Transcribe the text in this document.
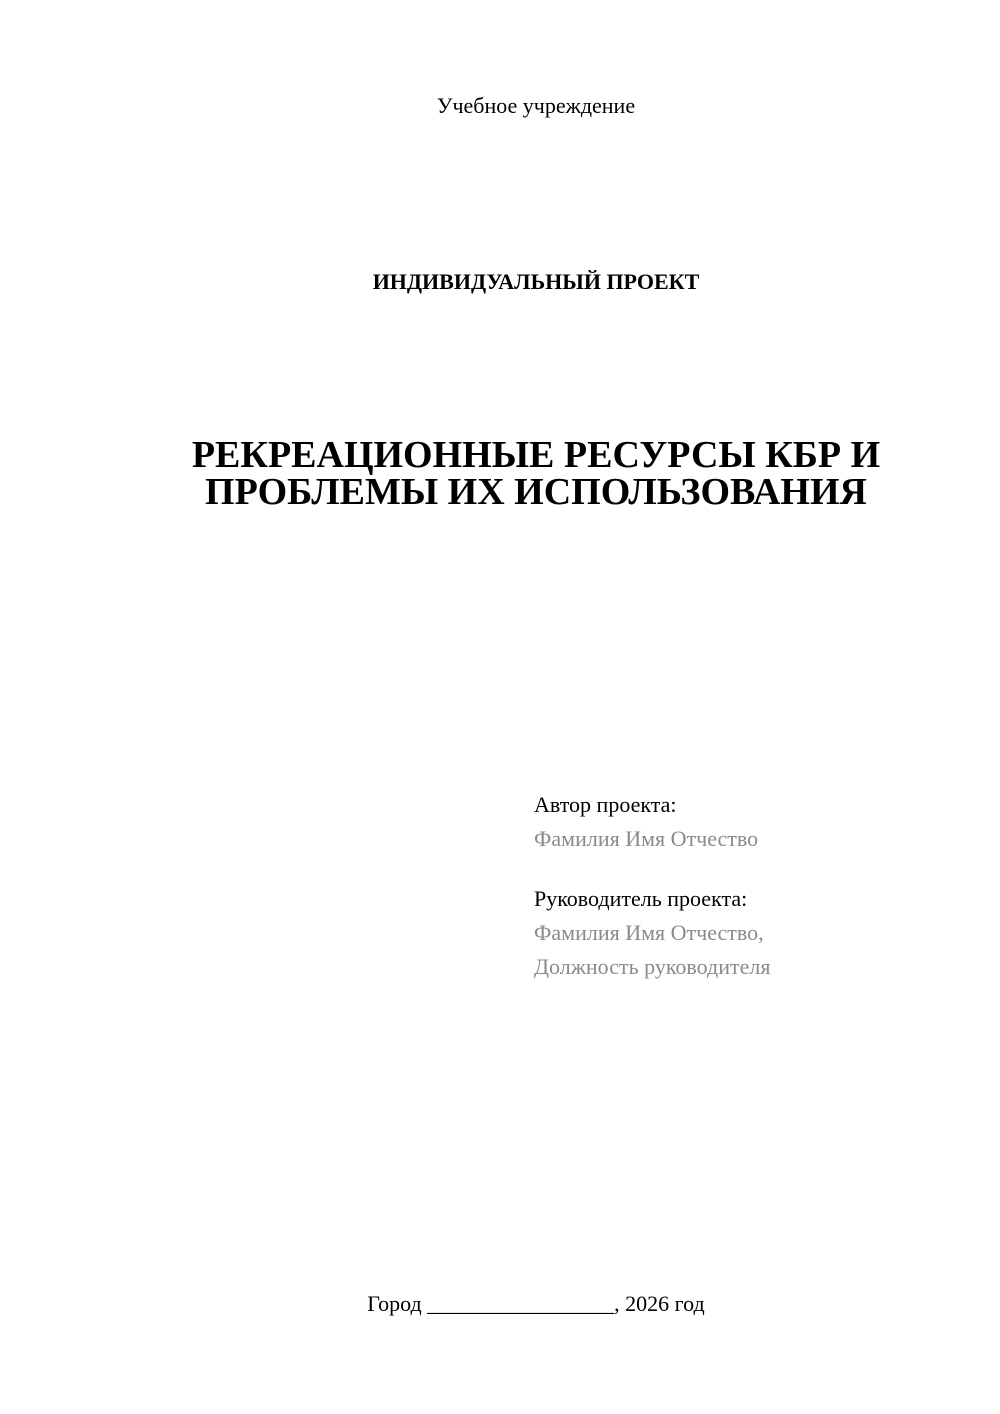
Учебное учреждение
ИНДИВИДУАЛЬНЫЙ ПРОЕКТ
РЕКРЕАЦИОННЫЕ РЕСУРСЫ КБР И
ПРОБЛЕМЫ ИХ ИСПОЛЬЗОВАНИЯ
Автор проекта:
Фамилия Имя Отчество
Руководитель проекта:
Фамилия Имя Отчество,
Должность руководителя
Город _________________, 2026 год
